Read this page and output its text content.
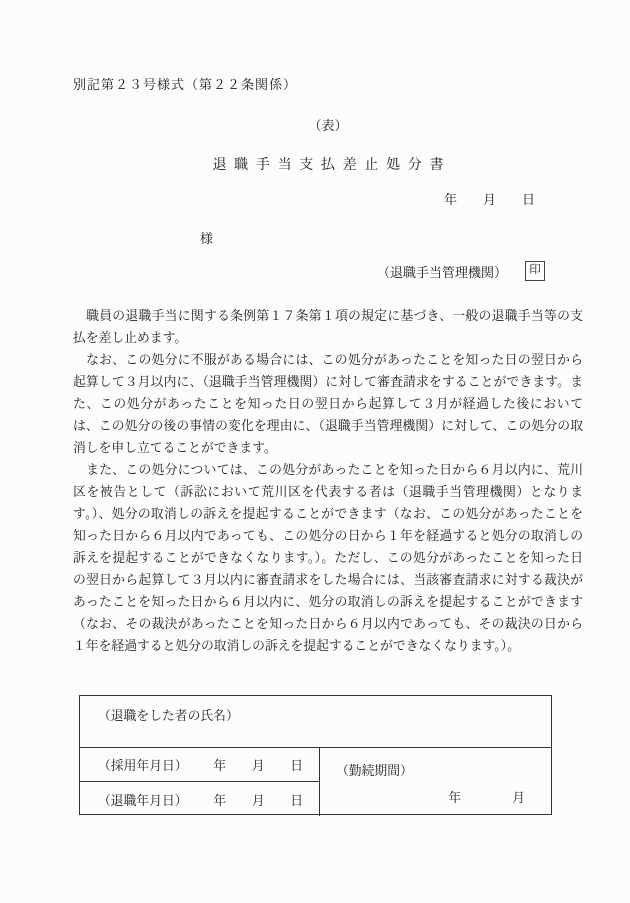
別記第２３号様式（第２２条関係）
（表）
退職手当支払差止処分書
年　　月　　日
様
（退職手当管理機関） 印

　職員の退職手当に関する条例第１７条第１項の規定に基づき、一般の退職手当等の支払を差し止めます。

　なお、この処分に不服がある場合には、この処分があったことを知った日の翌日から起算して３月以内に、（退職手当管理機関）に対して審査請求をすることができます。また、この処分があったことを知った日の翌日から起算して３月が経過した後においては、この処分の後の事情の変化を理由に、（退職手当管理機関）に対して、この処分の取消しを申し立てることができます。

　また、この処分については、この処分があったことを知った日から６月以内に、荒川区を被告として（訴訟において荒川区を代表する者は（退職手当管理機関）となります。）、処分の取消しの訴えを提起することができます（なお、この処分があったことを知った日から６月以内であっても、この処分の日から１年を経過すると処分の取消しの訴えを提起することができなくなります。）。ただし、この処分があったことを知った日の翌日から起算して３月以内に審査請求をした場合には、当該審査請求に対する裁決があったことを知った日から６月以内に、処分の取消しの訴えを提起することができます（なお、その裁決があったことを知った日から６月以内であっても、その裁決の日から１年を経過すると処分の取消しの訴えを提起することができなくなります。）。

（退職をした者の氏名）
（採用年月日） 年　　月　　日	（勤続期間）
年　　　　月
（退職年月日） 年　　月　　日
